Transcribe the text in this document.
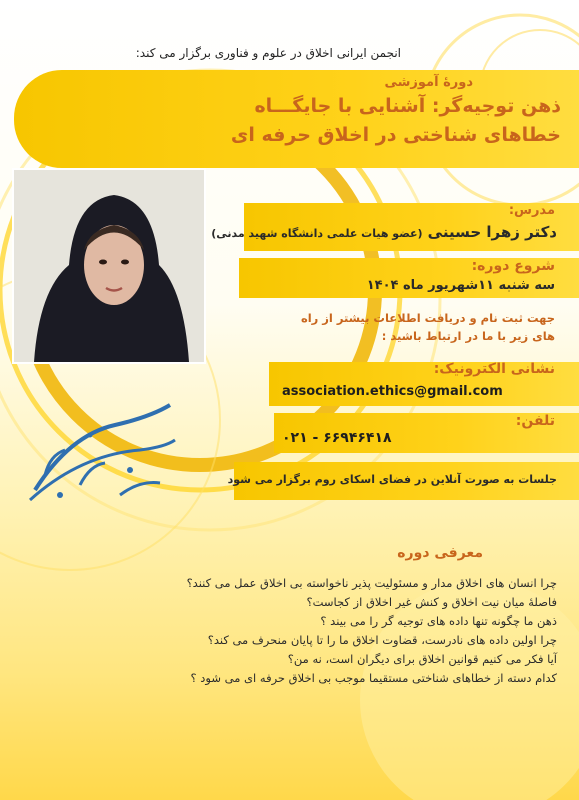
انجمن ایرانی اخلاق در علوم و فناوری برگزار می کند:
دورۀ آموزشی
ذهن توجیه‌گر: آشنایی با جایگـــاه
خطاهای شناختی در اخلاق حرفه ای
مدرس:
دکتر زهرا حسینی (عضو هیات علمی دانشگاه شهید مدنی)
شروع دوره:
سه شنبه ۱۱شهریور ماه ۱۴۰۴
جهت ثبت نام و دریافت اطلاعات بیشتر از راه
های زیر با ما در ارتباط باشید :
نشانی الکترونیک:
association.ethics@gmail.com
تلفن:
۰۲۱ - ۶۶۹۴۶۴۱۸
جلسات به صورت آنلاین در فضای اسکای روم برگزار می شود
معرفی دوره
چرا انسان های اخلاق مدار و مسئولیت پذیر ناخواسته بی اخلاق عمل می کنند؟
فاصلۀ میان نیت اخلاق و کنش غیر اخلاق از کجاست؟
ذهن ما چگونه تنها داده های توجیه گر را می بیند ؟
چرا اولین داده های نادرست، قضاوت اخلاق ما را تا پایان منحرف می کند؟
آیا فکر می کنیم قوانین اخلاق برای دیگران است، نه من؟
کدام دسته از خطاهای شناختی مستقیما موجب بی اخلاق حرفه ای می شود ؟
